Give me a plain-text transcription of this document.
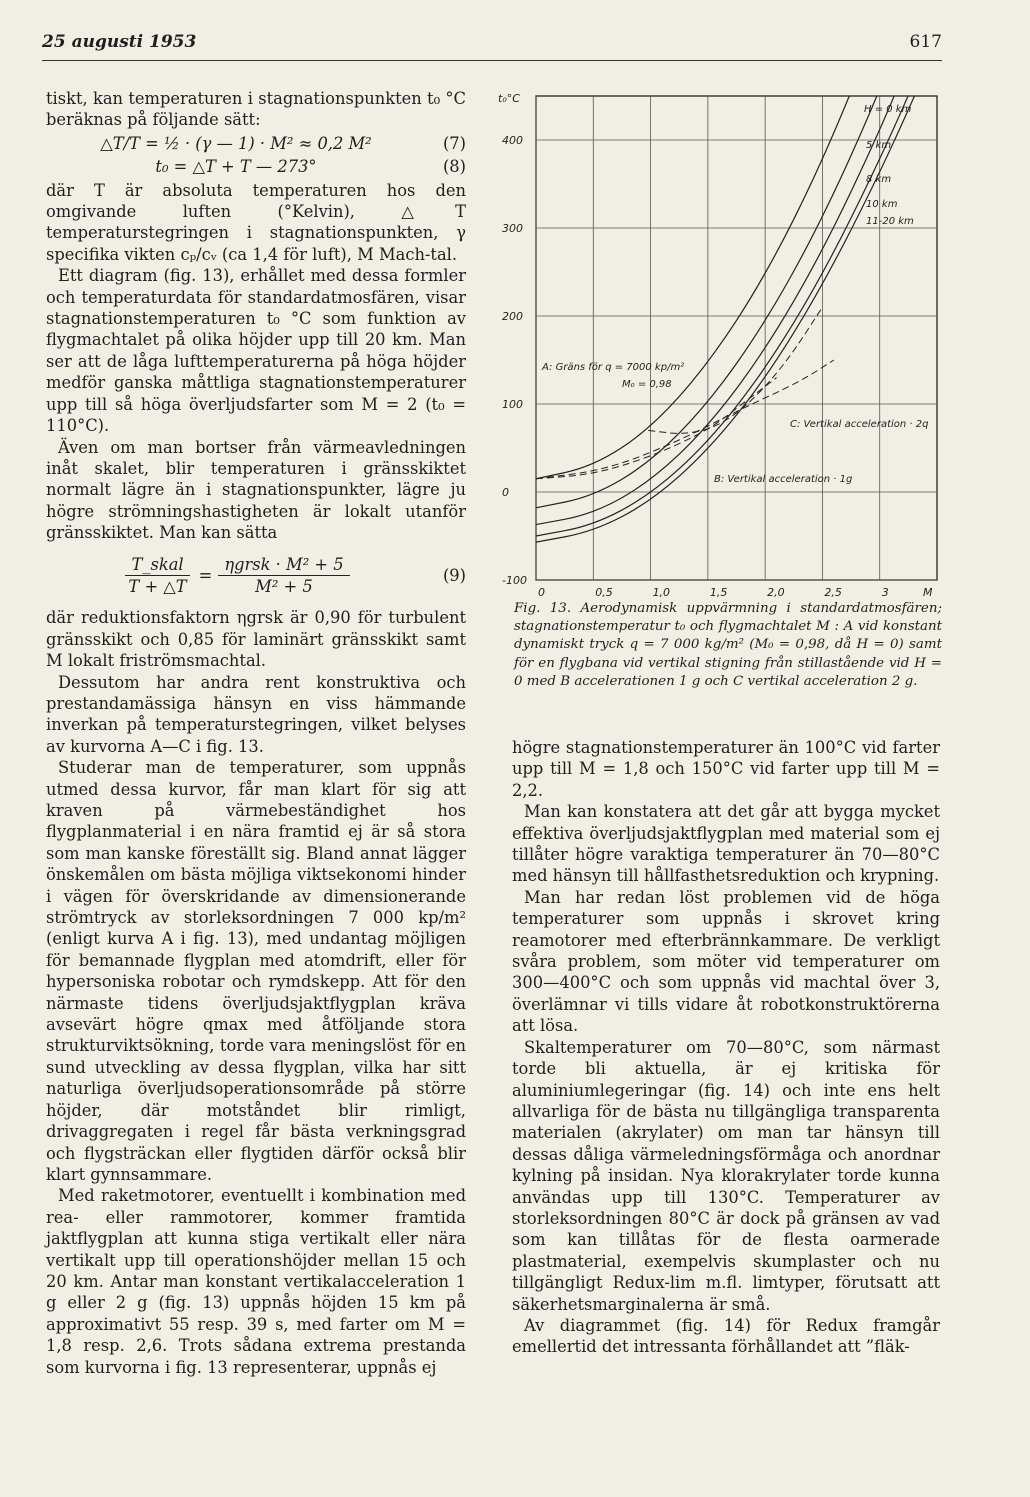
25 augusti 1953	617

tiskt, kan temperaturen i stagnationspunkten t₀ °C beräknas på följande sätt:

△T/T = ½ · (γ — 1) · M² ≈ 0,2 M²	(7)
t₀ = △T + T — 273°	(8)

där T är absoluta temperaturen hos den omgivande luften (°Kelvin), △T temperaturstegringen i stagnationspunkten, γ specifika vikten cₚ/cᵥ (ca 1,4 för luft), M Mach-tal.

Ett diagram (fig. 13), erhållet med dessa formler och temperaturdata för standardatmosfären, visar stagnationstemperaturen t₀ °C som funktion av flygmachtalet på olika höjder upp till 20 km. Man ser att de låga lufttemperaturerna på höga höjder medför ganska måttliga stagnationstemperaturer upp till så höga överljudsfarter som M = 2 (t₀ = 110°C).

Även om man bortser från värmeavledningen inåt skalet, blir temperaturen i gränsskiktet normalt lägre än i stagnationspunkter, lägre ju högre strömningshastigheten är lokalt utanför gränsskiktet. Man kan sätta

$\frac{\text{T\_skal}}{T + \triangle T} = \frac{\text{ηgrsk · M² + 5}}{\text{M² + 5}}$	(9)

där reduktionsfaktorn ηgrsk är 0,90 för turbulent gränsskikt och 0,85 för laminärt gränsskikt samt M lokalt friströmsmachtal.

Dessutom har andra rent konstruktiva och prestandamässiga hänsyn en viss hämmande inverkan på temperaturstegringen, vilket belyses av kurvorna A—C i fig. 13.

Studerar man de temperaturer, som uppnås utmed dessa kurvor, får man klart för sig att kraven på värmebeständighet hos flygplanmaterial i en nära framtid ej är så stora som man kanske föreställt sig. Bland annat lägger önskemålen om bästa möjliga viktsekonomi hinder i vägen för överskridande av dimensionerande strömtryck av storleksordningen 7 000 kp/m² (enligt kurva A i fig. 13), med undantag möjligen för bemannade flygplan med atomdrift, eller för hypersoniska robotar och rymdskepp. Att för den närmaste tidens överljudsjaktflygplan kräva avsevärt högre qmax med åtföljande stora strukturviktsökning, torde vara meningslöst för en sund utveckling av dessa flygplan, vilka har sitt naturliga överljudsoperationsområde på större höjder, där motståndet blir rimligt, drivaggregaten i regel får bästa verkningsgrad och flygsträckan eller flygtiden därför också blir klart gynnsammare.

Med raketmotorer, eventuellt i kombination med rea- eller rammotorer, kommer framtida jaktflygplan att kunna stiga vertikalt eller nära vertikalt upp till operationshöjder mellan 15 och 20 km. Antar man konstant vertikalacceleration 1 g eller 2 g (fig. 13) uppnås höjden 15 km på approximativt 55 resp. 39 s, med farter om M = 1,8 resp. 2,6. Trots sådana extrema prestanda som kurvorna i fig. 13 representerar, uppnås ej

0	0,5	1,0	1,5	2,0	2,5	3	M
-100
0
100
200
300
400
t₀°C
H = 0 km
5 km
8 km
10 km
11-20 km
A: Gräns för q = 7000 kp/m²
M₀ = 0,98
C: Vertikal acceleration · 2q
B: Vertikal acceleration · 1g

Fig. 13. Aerodynamisk uppvärmning i standardatmosfären; stagnationstemperatur t₀ och flygmachtalet M : A vid konstant dynamiskt tryck q = 7 000 kg/m² (M₀ = 0,98, då H = 0) samt för en flygbana vid vertikal stigning från stillastående vid H = 0 med B accelerationen 1 g och C vertikal acceleration 2 g.

högre stagnationstemperaturer än 100°C vid farter upp till M = 1,8 och 150°C vid farter upp till M = 2,2.

Man kan konstatera att det går att bygga mycket effektiva överljudsjaktflygplan med material som ej tillåter högre varaktiga temperaturer än 70—80°C med hänsyn till hållfasthetsreduktion och krypning.

Man har redan löst problemen vid de höga temperaturer som uppnås i skrovet kring reamotorer med efterbrännkammare. De verkligt svåra problem, som möter vid temperaturer om 300—400°C och som uppnås vid machtal över 3, överlämnar vi tills vidare åt robotkonstruktörerna att lösa.

Skaltemperaturer om 70—80°C, som närmast torde bli aktuella, är ej kritiska för aluminiumlegeringar (fig. 14) och inte ens helt allvarliga för de bästa nu tillgängliga transparenta materialen (akrylater) om man tar hänsyn till dessas dåliga värmeledningsförmåga och anordnar kylning på insidan. Nya klorakrylater torde kunna användas upp till 130°C. Temperaturer av storleksordningen 80°C är dock på gränsen av vad som kan tillåtas för de flesta oarmerade plastmaterial, exempelvis skumplaster och nu tillgängligt Redux-lim m.fl. limtyper, förutsatt att säkerhetsmarginalerna är små.

Av diagrammet (fig. 14) för Redux framgår emellertid det intressanta förhållandet att ”fläk-
